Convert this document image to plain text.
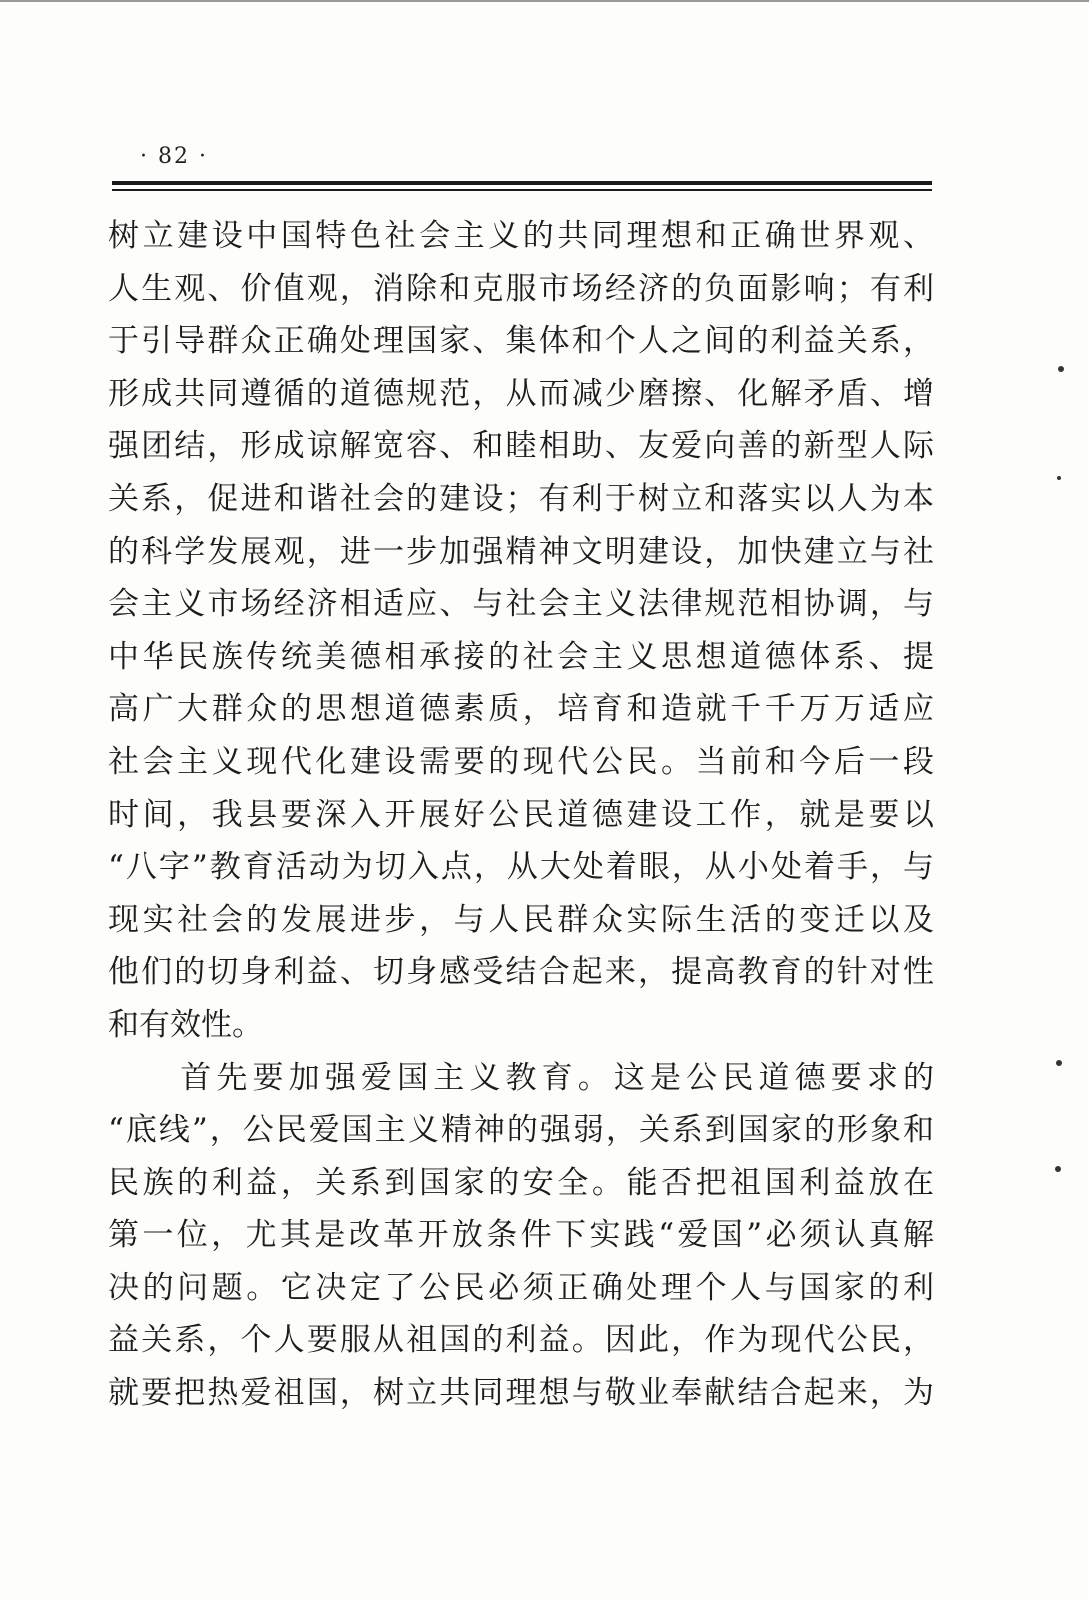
· 82 ·
树立建设中国特色社会主义的共同理想和正确世界观、
人生观、价值观，消除和克服市场经济的负面影响；有利
于引导群众正确处理国家、集体和个人之间的利益关系，
形成共同遵循的道德规范，从而减少磨擦、化解矛盾、增
强团结，形成谅解宽容、和睦相助、友爱向善的新型人际
关系，促进和谐社会的建设；有利于树立和落实以人为本
的科学发展观，进一步加强精神文明建设，加快建立与社
会主义市场经济相适应、与社会主义法律规范相协调，与
中华民族传统美德相承接的社会主义思想道德体系、提
高广大群众的思想道德素质，培育和造就千千万万适应
社会主义现代化建设需要的现代公民。当前和今后一段
时间，我县要深入开展好公民道德建设工作，就是要以
“八字”教育活动为切入点，从大处着眼，从小处着手，与
现实社会的发展进步，与人民群众实际生活的变迁以及
他们的切身利益、切身感受结合起来，提高教育的针对性
和有效性。
　　首先要加强爱国主义教育。这是公民道德要求的
“底线”，公民爱国主义精神的强弱，关系到国家的形象和
民族的利益，关系到国家的安全。能否把祖国利益放在
第一位，尤其是改革开放条件下实践“爱国”必须认真解
决的问题。它决定了公民必须正确处理个人与国家的利
益关系，个人要服从祖国的利益。因此，作为现代公民，
就要把热爱祖国，树立共同理想与敬业奉献结合起来，为
